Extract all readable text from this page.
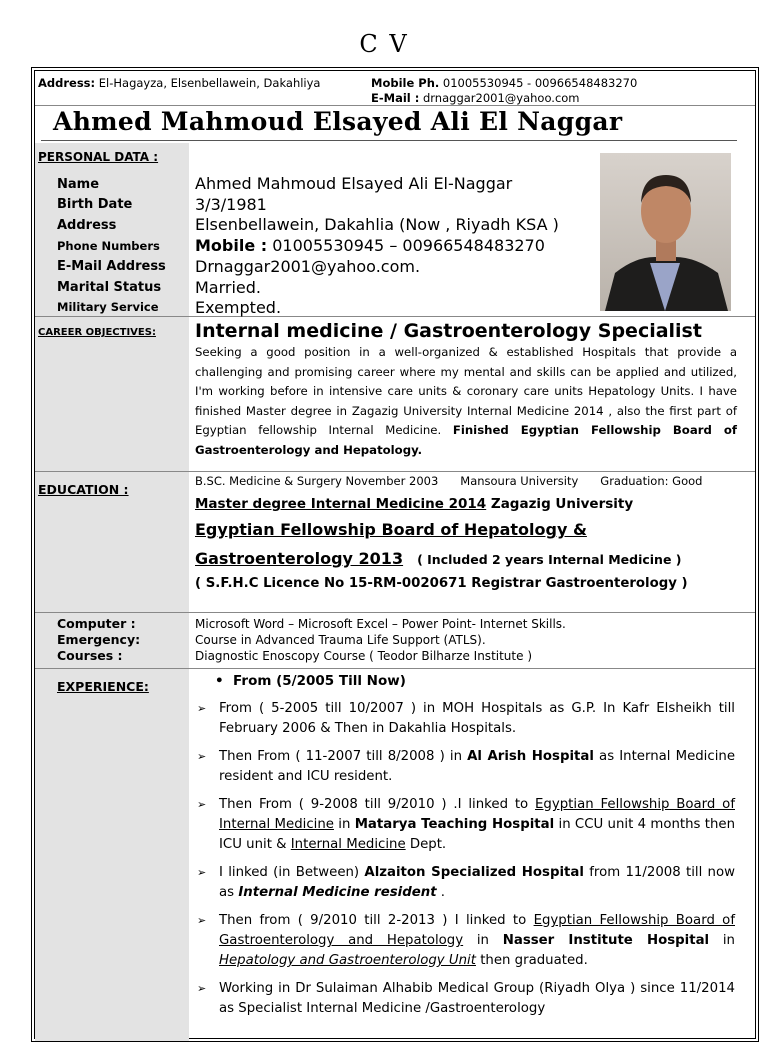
C V
Address: El-Hagayza, Elsenbellawein, Dakahliya	Mobile Ph. 01005530945 - 00966548483270
E-Mail : drnaggar2001@yahoo.com
Ahmed Mahmoud Elsayed Ali El Naggar
PERSONAL DATA :
Name
Birth Date
Address
Phone Numbers
E-Mail Address
Marital Status
Military Service
Ahmed Mahmoud Elsayed Ali El-Naggar
3/3/1981
Elsenbellawein, Dakahlia (Now , Riyadh KSA )
Mobile : 01005530945 – 00966548483270
Drnaggar2001@yahoo.com.
Married.
Exempted.
CAREER OBJECTIVES: Internal medicine / Gastroenterology Specialist
Seeking a good position in a well-organized & established Hospitals that provide a challenging and promising career where my mental and skills can be applied and utilized, I'm working before in intensive care units & coronary care units Hepatology Units. I have finished Master degree in Zagazig University Internal Medicine 2014 , also the first part of Egyptian fellowship Internal Medicine. Finished Egyptian Fellowship Board of Gastroenterology and Hepatology.
EDUCATION :
B.SC. Medicine & Surgery November 2003 Mansoura University Graduation: Good
Master degree Internal Medicine 2014 Zagazig University
Egyptian Fellowship Board of Hepatology &
Gastroenterology 2013 ( Included 2 years Internal Medicine )
( S.F.H.C Licence No 15-RM-0020671 Registrar Gastroenterology )
Computer :
Emergency:
Courses :
Microsoft Word – Microsoft Excel – Power Point- Internet Skills.
Course in Advanced Trauma Life Support (ATLS).
Diagnostic Enoscopy Course ( Teodor Bilharze Institute )
EXPERIENCE:	• From (5/2005 Till Now)
➢ From ( 5-2005 till 10/2007 ) in MOH Hospitals as G.P. In Kafr Elsheikh till February 2006 & Then in Dakahlia Hospitals.
➢ Then From ( 11-2007 till 8/2008 ) in Al Arish Hospital as Internal Medicine resident and ICU resident.
➢ Then From ( 9-2008 till 9/2010 ) .I linked to Egyptian Fellowship Board of Internal Medicine in Matarya Teaching Hospital in CCU unit 4 months then ICU unit & Internal Medicine Dept.
➢ I linked (in Between) Alzaiton Specialized Hospital from 11/2008 till now as Internal Medicine resident .
➢ Then from ( 9/2010 till 2-2013 ) I linked to Egyptian Fellowship Board of Gastroenterology and Hepatology in Nasser Institute Hospital in Hepatology and Gastroenterology Unit then graduated.
➢ Working in Dr Sulaiman Alhabib Medical Group (Riyadh Olya ) since 11/2014 as Specialist Internal Medicine /Gastroenterology
